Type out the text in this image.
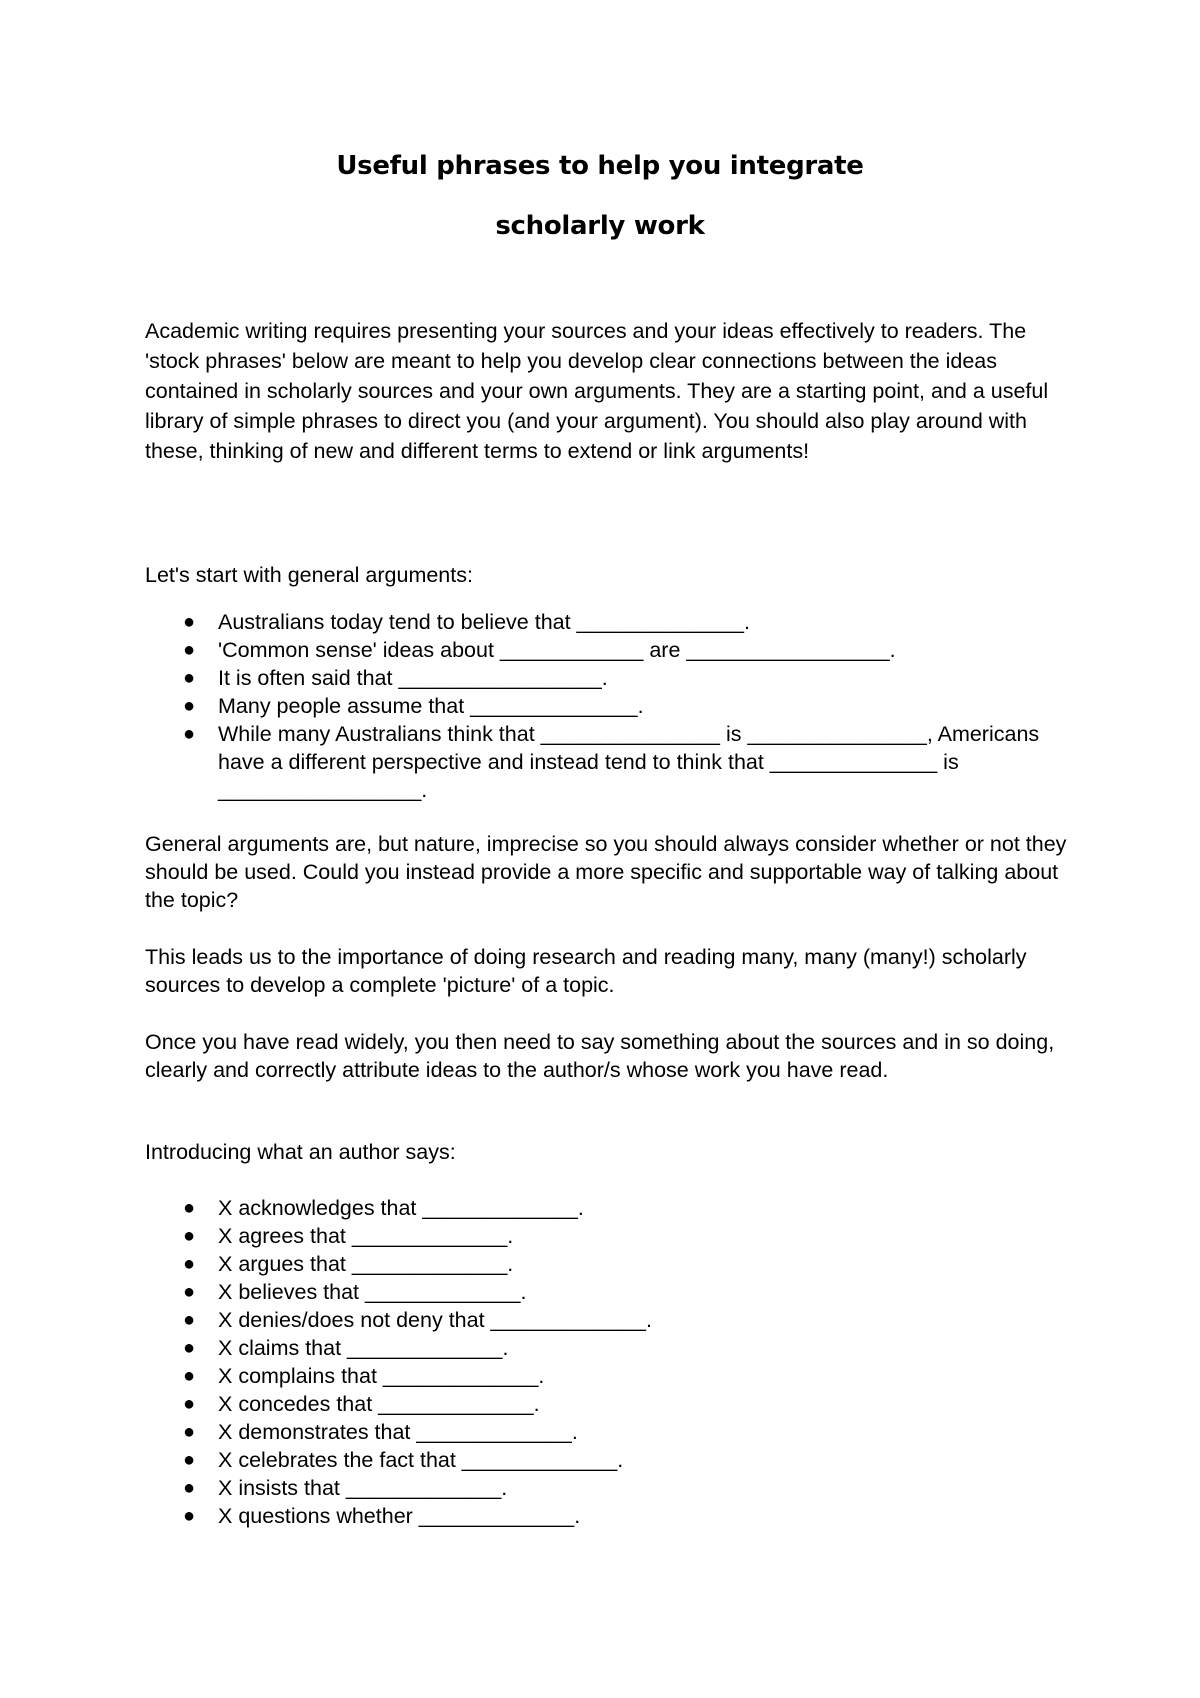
Useful phrases to help you integrate
scholarly work

Academic writing requires presenting your sources and your ideas effectively to readers. The 'stock phrases' below are meant to help you develop clear connections between the ideas contained in scholarly sources and your own arguments. They are a starting point, and a useful library of simple phrases to direct you (and your argument). You should also play around with these, thinking of new and different terms to extend or link arguments!

Let's start with general arguments:

● Australians today tend to believe that ______________.
● 'Common sense' ideas about ____________ are _________________.
● It is often said that _________________.
● Many people assume that ______________.
● While many Australians think that _______________ is _______________, Americans have a different perspective and instead tend to think that ______________ is _________________.

General arguments are, but nature, imprecise so you should always consider whether or not they should be used. Could you instead provide a more specific and supportable way of talking about the topic?

This leads us to the importance of doing research and reading many, many (many!) scholarly sources to develop a complete 'picture' of a topic.

Once you have read widely, you then need to say something about the sources and in so doing, clearly and correctly attribute ideas to the author/s whose work you have read.

Introducing what an author says:

● X acknowledges that _____________.
● X agrees that _____________.
● X argues that _____________.
● X believes that _____________.
● X denies/does not deny that _____________.
● X claims that _____________.
● X complains that _____________.
● X concedes that _____________.
● X demonstrates that _____________.
● X celebrates the fact that _____________.
● X insists that _____________.
● X questions whether _____________.
